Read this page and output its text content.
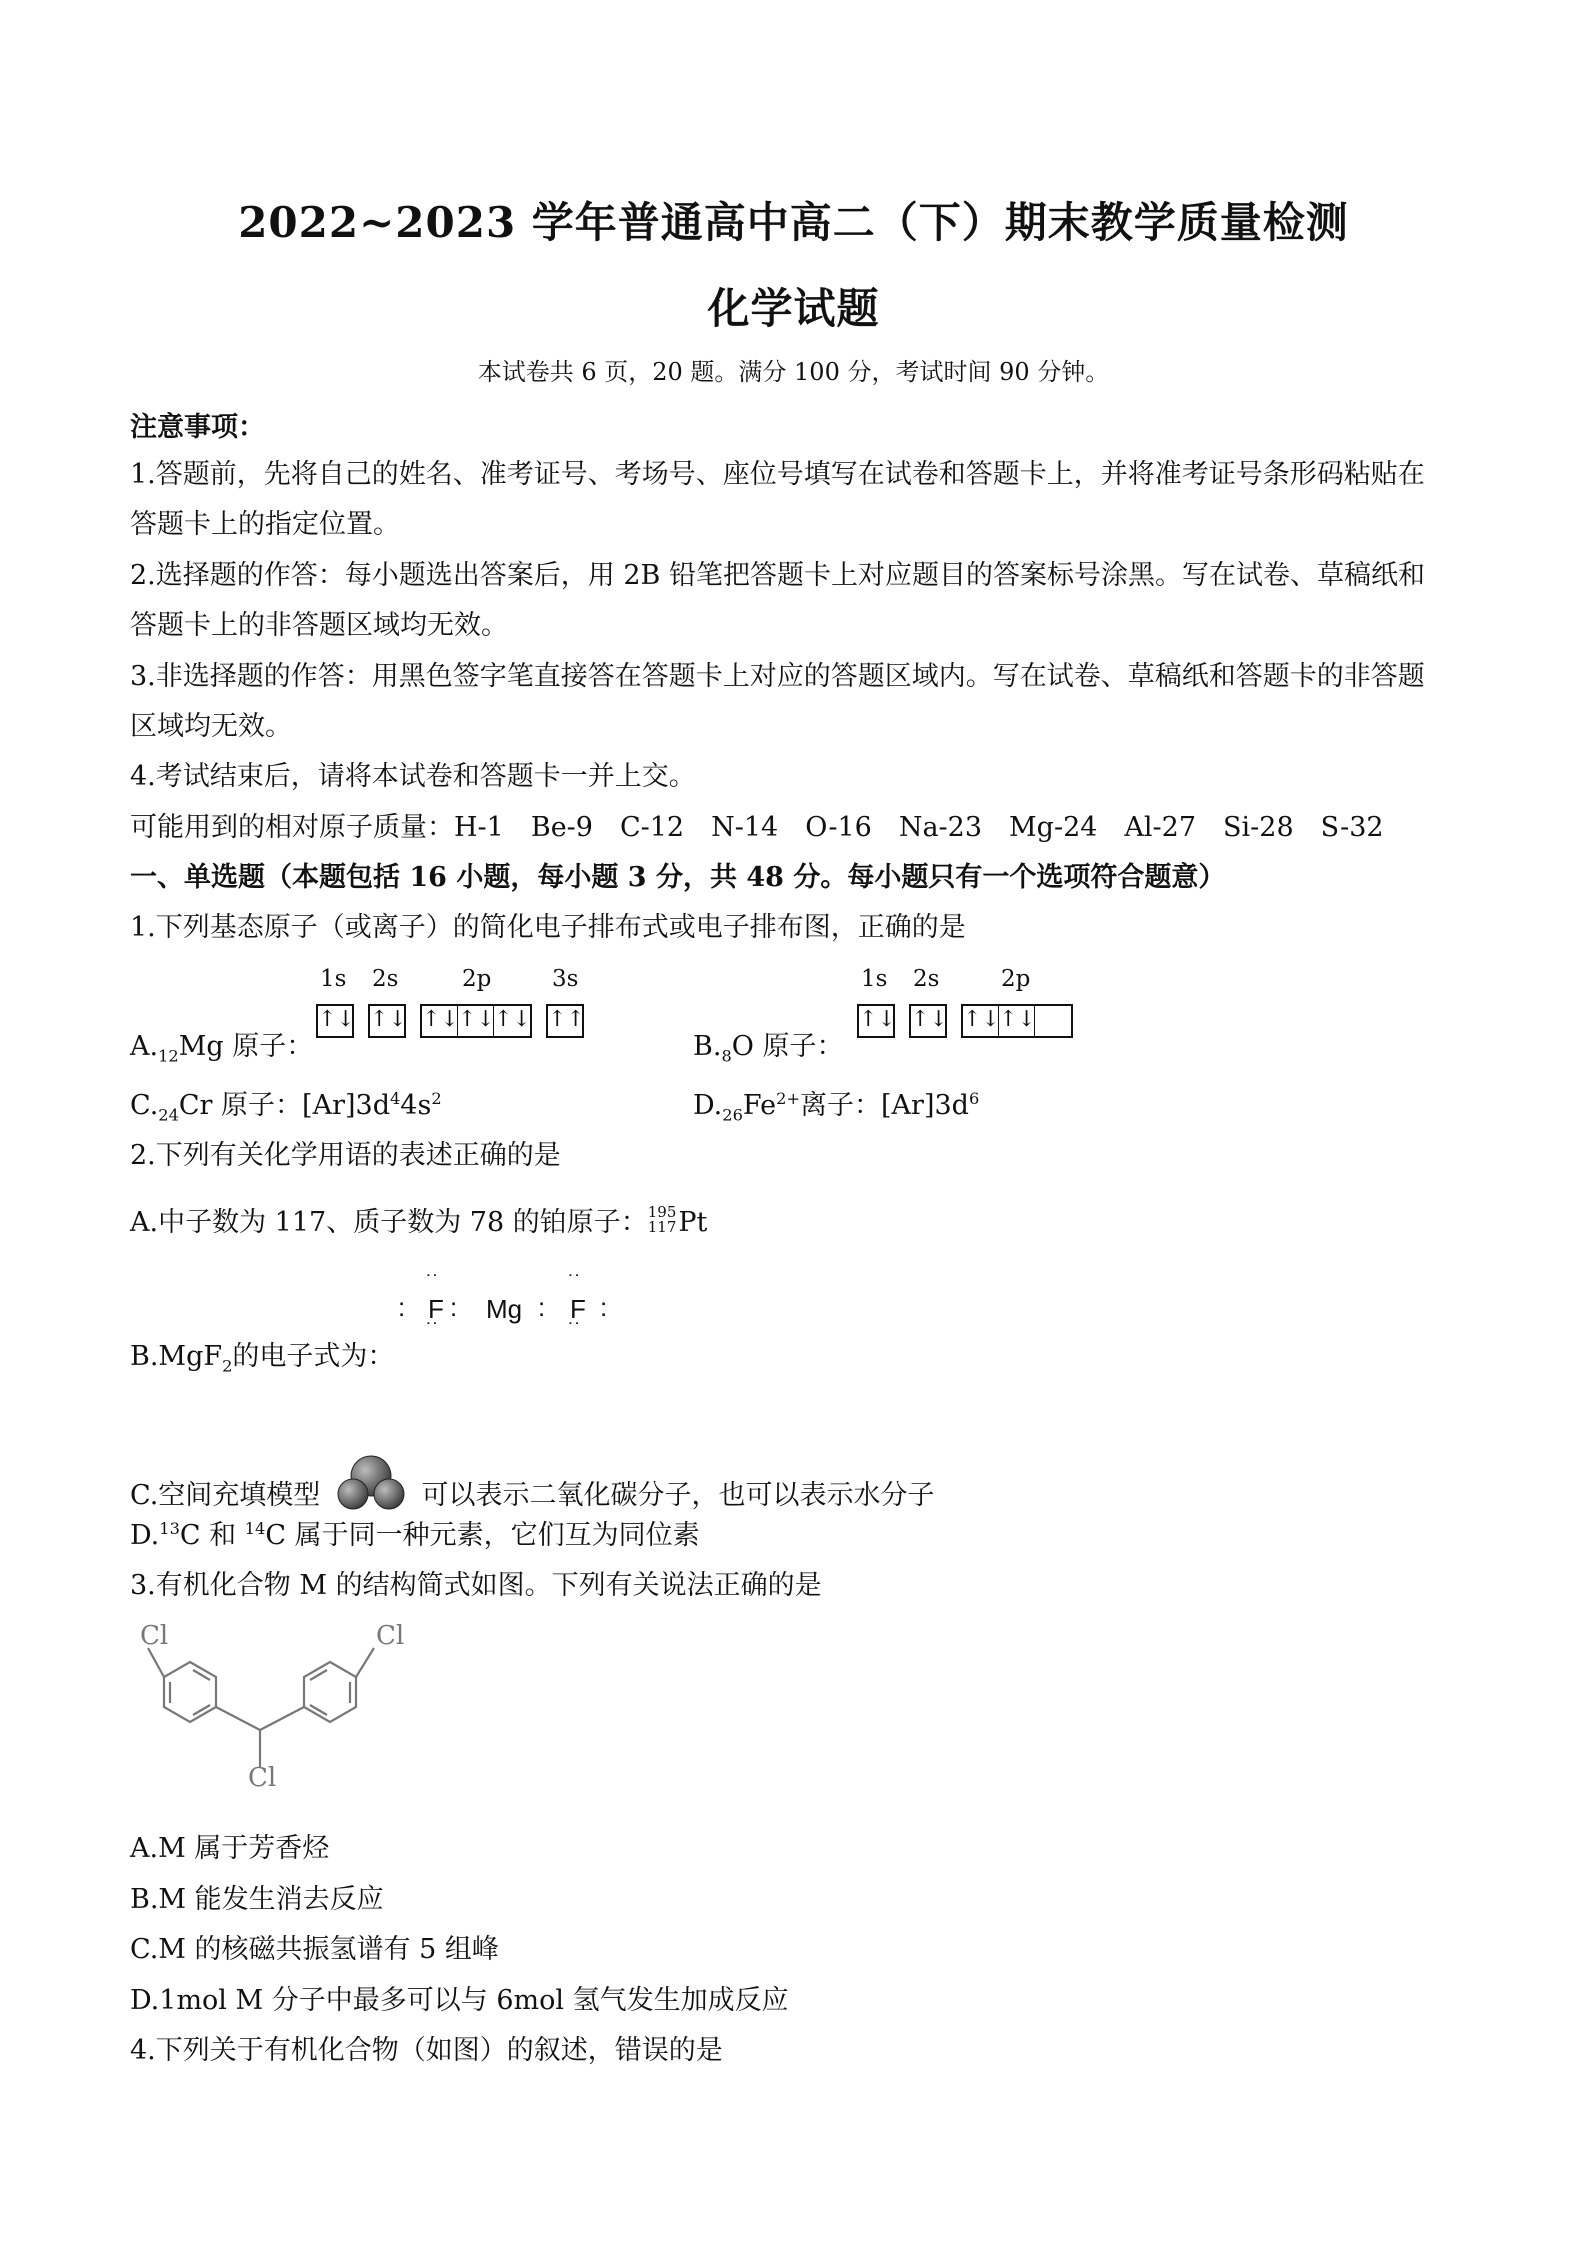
2022~2023 学年普通高中高二（下）期末教学质量检测
化学试题
本试卷共 6 页，20 题。满分 100 分，考试时间 90 分钟。
注意事项：
1.答题前，先将自己的姓名、准考证号、考场号、座位号填写在试卷和答题卡上，并将准考证号条形码粘贴在
答题卡上的指定位置。
2.选择题的作答：每小题选出答案后，用 2B 铅笔把答题卡上对应题目的答案标号涂黑。写在试卷、草稿纸和
答题卡上的非答题区域均无效。
3.非选择题的作答：用黑色签字笔直接答在答题卡上对应的答题区域内。写在试卷、草稿纸和答题卡的非答题
区域均无效。
4.考试结束后，请将本试卷和答题卡一并上交。
可能用到的相对原子质量：H-1　Be-9　C-12　N-14　O-16　Na-23　Mg-24　Al-27　Si-28　S-32
一、单选题（本题包括 16 小题，每小题 3 分，共 48 分。每小题只有一个选项符合题意）
1.下列基态原子（或离子）的简化电子排布式或电子排布图，正确的是
1s 2s	2p	3s
↑↓ ↑↓ ↑↓ ↑↓ ↑↓ ↑↑
$A._{12}Mg$ 原子：
1s 2s	2p
↑↓ ↑↓ ↑↓ ↑↓
$B._8O$ 原子：
$C._{24}Cr$ 原子：$[Ar]3d^44s^2$	$D._{26}Fe^{2+}$离子：$[Ar]3d^6$
2.下列有关化学用语的表述正确的是
A.中子数为 117、质子数为 78 的铂原子： 195
117 Pt
B.MgF$_2$的电子式为：
˙˙
: F :
˙˙
Mg :
˙˙
F :
˙˙
C.空间充填模型	可以表示二氧化碳分子，也可以表示水分子
D.$^{13}$C 和 $^{14}$C 属于同一种元素，它们互为同位素
3.有机化合物 M 的结构简式如图。下列有关说法正确的是
Cl	Cl
Cl
A.M 属于芳香烃
B.M 能发生消去反应
C.M 的核磁共振氢谱有 5 组峰
D.1mol M 分子中最多可以与 6mol 氢气发生加成反应
4.下列关于有机化合物（如图）的叙述，错误的是
